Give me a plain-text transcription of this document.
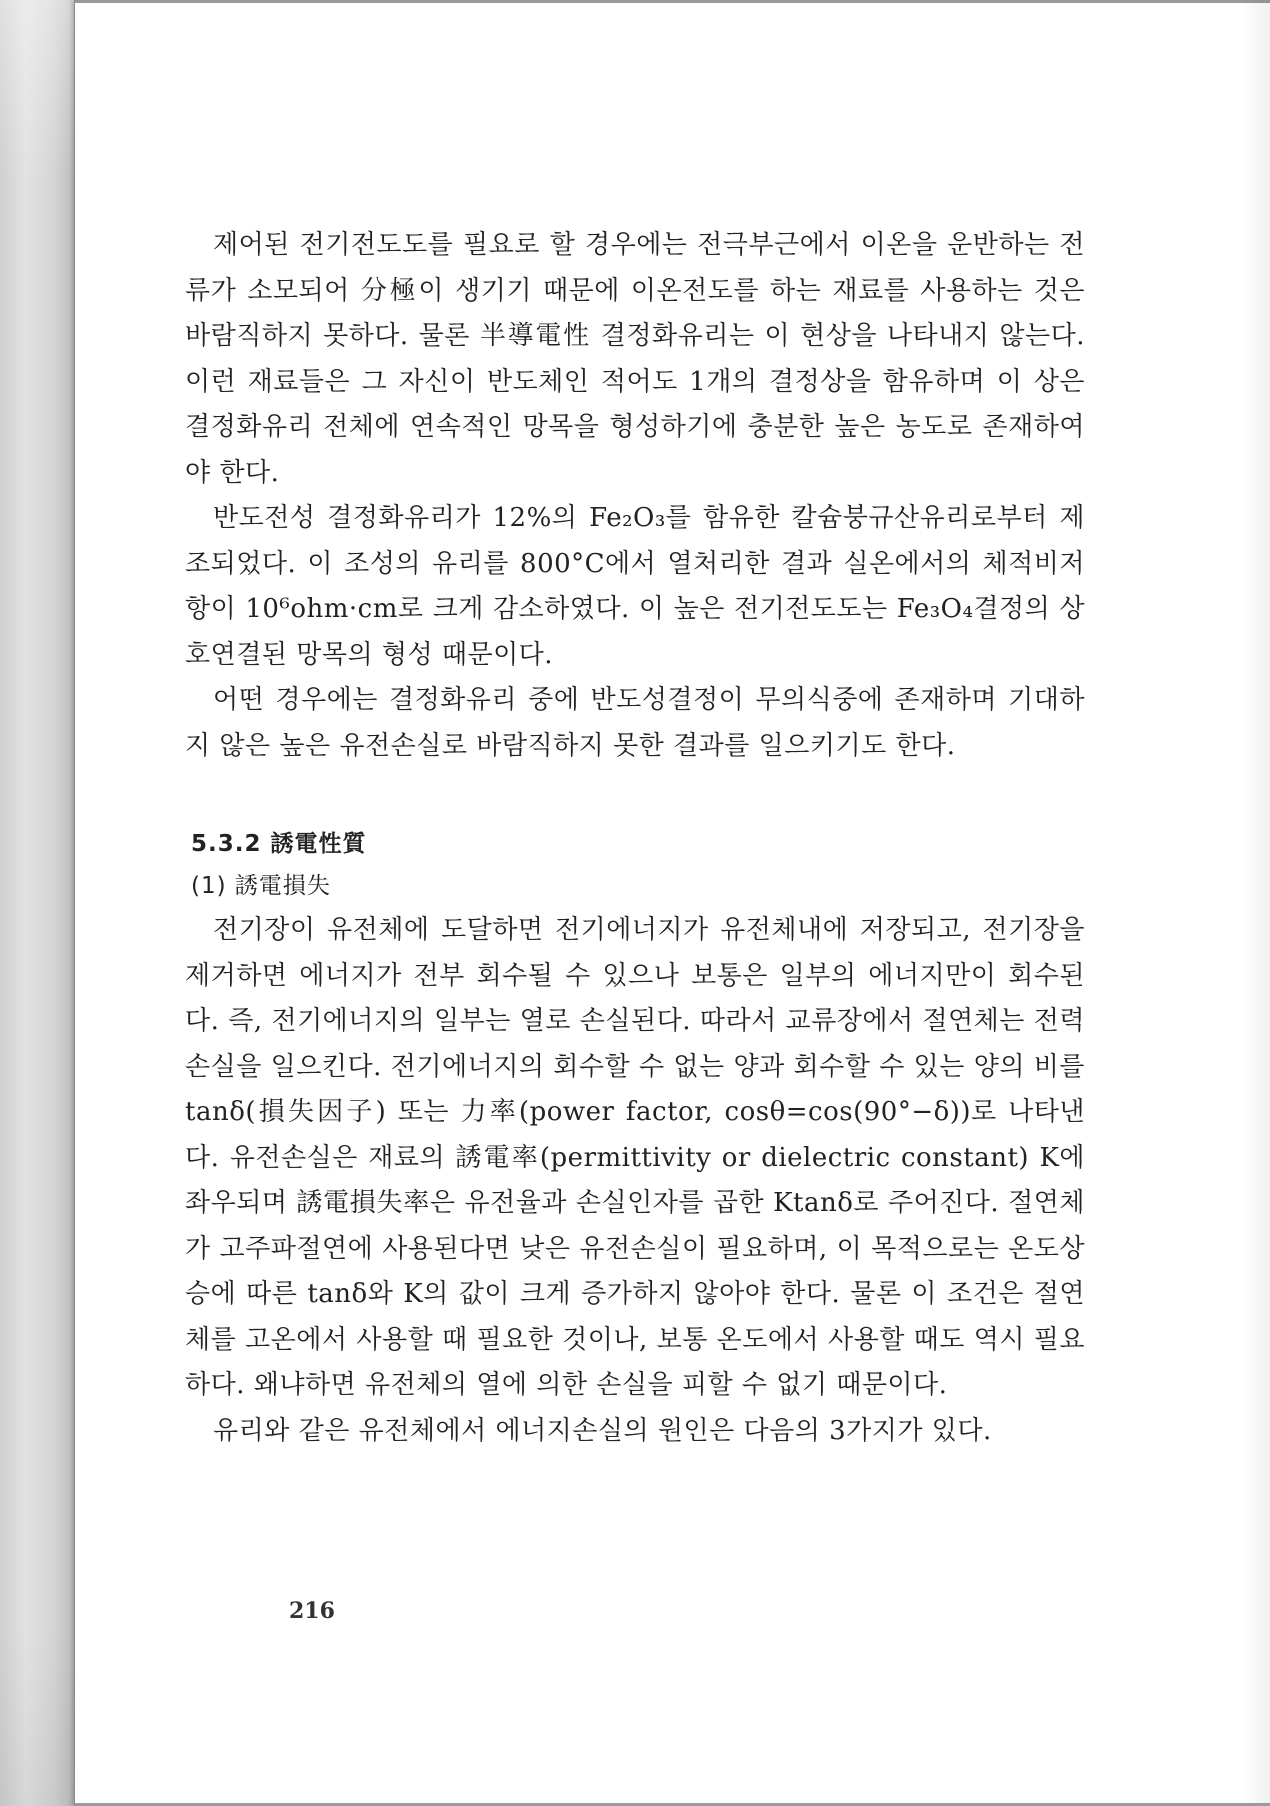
제어된 전기전도도를 필요로 할 경우에는 전극부근에서 이온을 운반하는 전류가 소모되어 分極이 생기기 때문에 이온전도를 하는 재료를 사용하는 것은 바람직하지 못하다. 물론 半導電性 결정화유리는 이 현상을 나타내지 않는다. 이런 재료들은 그 자신이 반도체인 적어도 1개의 결정상을 함유하며 이 상은 결정화유리 전체에 연속적인 망목을 형성하기에 충분한 높은 농도로 존재하여야 한다.

반도전성 결정화유리가 12%의 Fe₂O₃를 함유한 칼슘붕규산유리로부터 제조되었다. 이 조성의 유리를 800°C에서 열처리한 결과 실온에서의 체적비저항이 10⁶ohm·cm로 크게 감소하였다. 이 높은 전기전도도는 Fe₃O₄결정의 상호연결된 망목의 형성 때문이다.

어떤 경우에는 결정화유리 중에 반도성결정이 무의식중에 존재하며 기대하지 않은 높은 유전손실로 바람직하지 못한 결과를 일으키기도 한다.

5.3.2 誘電性質
(1) 誘電損失

전기장이 유전체에 도달하면 전기에너지가 유전체내에 저장되고, 전기장을 제거하면 에너지가 전부 회수될 수 있으나 보통은 일부의 에너지만이 회수된다. 즉, 전기에너지의 일부는 열로 손실된다. 따라서 교류장에서 절연체는 전력손실을 일으킨다. 전기에너지의 회수할 수 없는 양과 회수할 수 있는 양의 비를 tanδ(損失因子) 또는 力率(power factor, cosθ=cos(90°−δ))로 나타낸다. 유전손실은 재료의 誘電率(permittivity or dielectric constant) K에 좌우되며 誘電損失率은 유전율과 손실인자를 곱한 Ktanδ로 주어진다. 절연체가 고주파절연에 사용된다면 낮은 유전손실이 필요하며, 이 목적으로는 온도상승에 따른 tanδ와 K의 값이 크게 증가하지 않아야 한다. 물론 이 조건은 절연체를 고온에서 사용할 때 필요한 것이나, 보통 온도에서 사용할 때도 역시 필요하다. 왜냐하면 유전체의 열에 의한 손실을 피할 수 없기 때문이다.

유리와 같은 유전체에서 에너지손실의 원인은 다음의 3가지가 있다.

216
